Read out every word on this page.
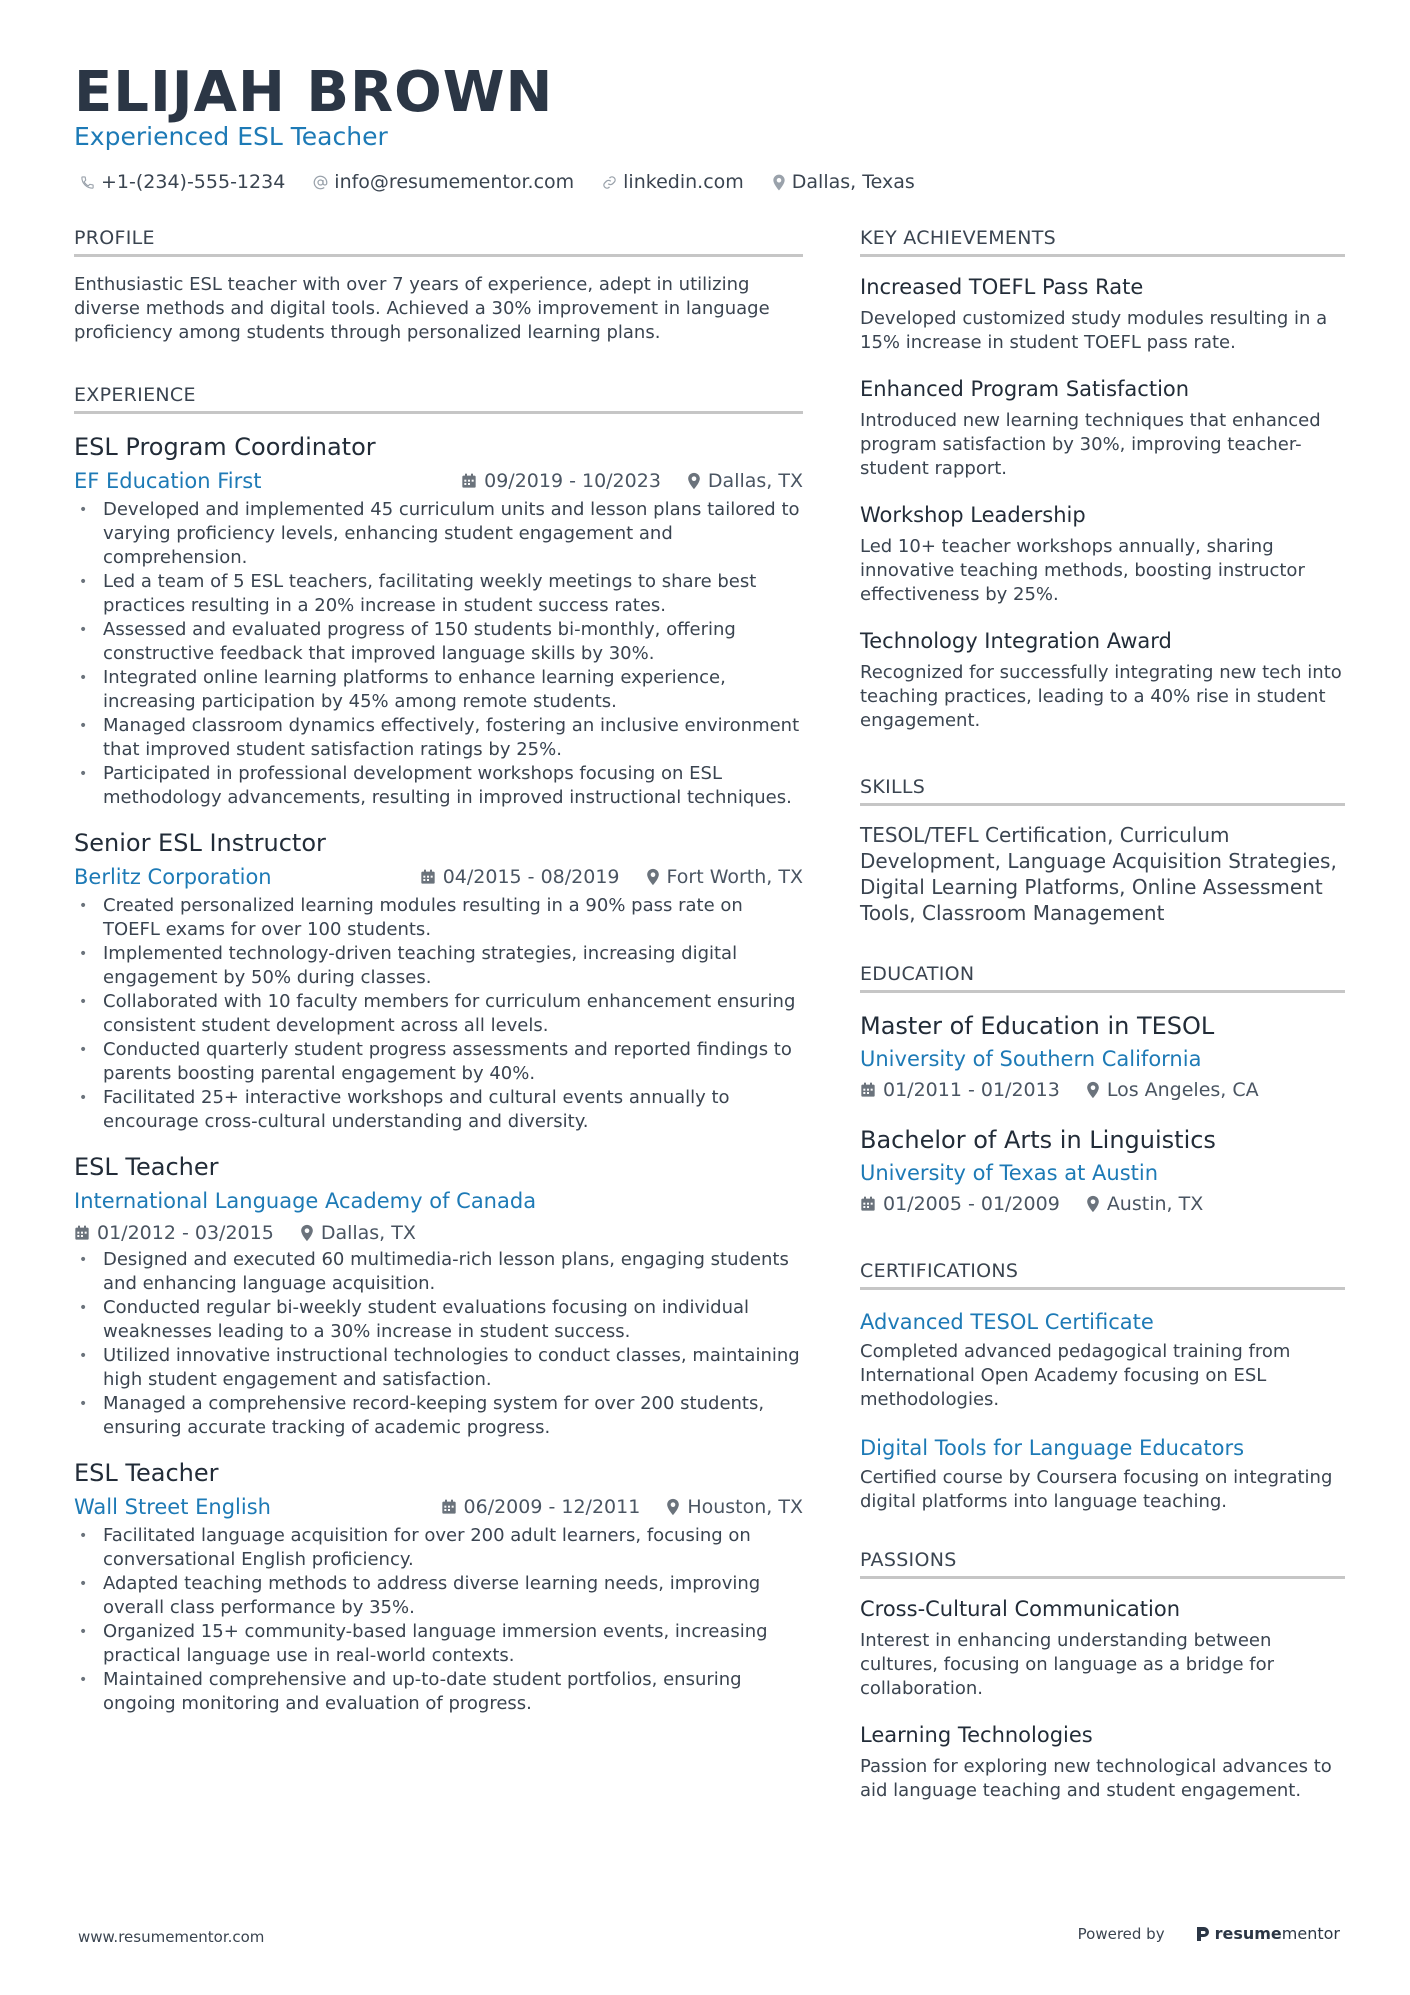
ELIJAH BROWN
Experienced ESL Teacher
+1-(234)-555-1234	info@resumementor.com	linkedin.com	Dallas, Texas
PROFILE

Enthusiastic ESL teacher with over 7 years of experience, adept in utilizing diverse methods and digital tools. Achieved a 30% improvement in language proficiency among students through personalized learning plans.

EXPERIENCE
ESL Program Coordinator
EF Education First	09/2019 - 10/2023 Dallas, TX
• Developed and implemented 45 curriculum units and lesson plans tailored to varying proficiency levels, enhancing student engagement and comprehension.
• Led a team of 5 ESL teachers, facilitating weekly meetings to share best practices resulting in a 20% increase in student success rates.
• Assessed and evaluated progress of 150 students bi-monthly, offering constructive feedback that improved language skills by 30%.
• Integrated online learning platforms to enhance learning experience, increasing participation by 45% among remote students.
• Managed classroom dynamics effectively, fostering an inclusive environment that improved student satisfaction ratings by 25%.
• Participated in professional development workshops focusing on ESL methodology advancements, resulting in improved instructional techniques.
Senior ESL Instructor
Berlitz Corporation	04/2015 - 08/2019 Fort Worth, TX
• Created personalized learning modules resulting in a 90% pass rate on TOEFL exams for over 100 students.
• Implemented technology-driven teaching strategies, increasing digital engagement by 50% during classes.
• Collaborated with 10 faculty members for curriculum enhancement ensuring consistent student development across all levels.
• Conducted quarterly student progress assessments and reported findings to parents boosting parental engagement by 40%.
• Facilitated 25+ interactive workshops and cultural events annually to encourage cross-cultural understanding and diversity.
ESL Teacher
International Language Academy of Canada
01/2012 - 03/2015 Dallas, TX
• Designed and executed 60 multimedia-rich lesson plans, engaging students and enhancing language acquisition.
• Conducted regular bi-weekly student evaluations focusing on individual weaknesses leading to a 30% increase in student success.
• Utilized innovative instructional technologies to conduct classes, maintaining high student engagement and satisfaction.
• Managed a comprehensive record-keeping system for over 200 students, ensuring accurate tracking of academic progress.
ESL Teacher
Wall Street English	06/2009 - 12/2011 Houston, TX
• Facilitated language acquisition for over 200 adult learners, focusing on conversational English proficiency.
• Adapted teaching methods to address diverse learning needs, improving overall class performance by 35%.
• Organized 15+ community-based language immersion events, increasing practical language use in real-world contexts.
• Maintained comprehensive and up-to-date student portfolios, ensuring ongoing monitoring and evaluation of progress.
KEY ACHIEVEMENTS
Increased TOEFL Pass Rate

Developed customized study modules resulting in a 15% increase in student TOEFL pass rate.

Enhanced Program Satisfaction

Introduced new learning techniques that enhanced program satisfaction by 30%, improving teacher-student rapport.

Workshop Leadership

Led 10+ teacher workshops annually, sharing innovative teaching methods, boosting instructor effectiveness by 25%.

Technology Integration Award

Recognized for successfully integrating new tech into teaching practices, leading to a 40% rise in student engagement.

SKILLS

TESOL/TEFL Certification, Curriculum Development, Language Acquisition Strategies, Digital Learning Platforms, Online Assessment Tools, Classroom Management

EDUCATION
Master of Education in TESOL
University of Southern California
01/2011 - 01/2013 Los Angeles, CA
Bachelor of Arts in Linguistics
University of Texas at Austin
01/2005 - 01/2009 Austin, TX
CERTIFICATIONS
Advanced TESOL Certificate

Completed advanced pedagogical training from International Open Academy focusing on ESL methodologies.

Digital Tools for Language Educators

Certified course by Coursera focusing on integrating digital platforms into language teaching.

PASSIONS
Cross-Cultural Communication

Interest in enhancing understanding between cultures, focusing on language as a bridge for collaboration.

Learning Technologies

Passion for exploring new technological advances to aid language teaching and student engagement.

www.resumementor.com	Powered by	resume mentor
